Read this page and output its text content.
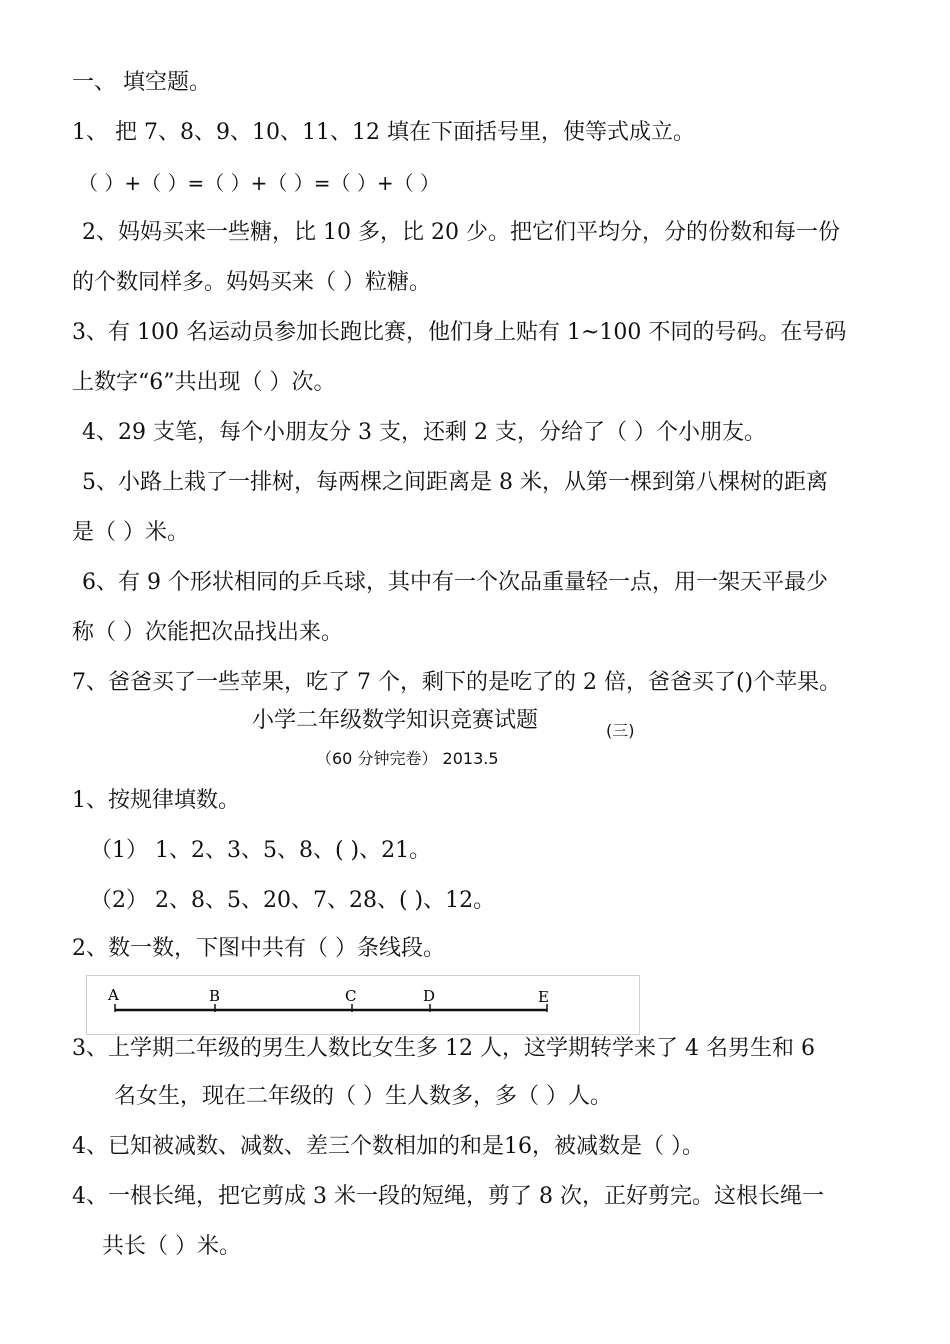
一、 填空题。
1、 把 7、8、9、10、11、12 填在下面括号里，使等式成立。
（ ）+（ ）=（ ）+（ ）=（ ）+（ ）
2、妈妈买来一些糖，比 10 多，比 20 少。把它们平均分，分的份数和每一份
的个数同样多。妈妈买来（ ）粒糖。
3、有 100 名运动员参加长跑比赛，他们身上贴有 1~100 不同的号码。在号码
上数字“6”共出现（ ）次。
4、29 支笔，每个小朋友分 3 支，还剩 2 支，分给了（ ）个小朋友。
5、小路上栽了一排树，每两棵之间距离是 8 米，从第一棵到第八棵树的距离
是（ ）米。
6、有 9 个形状相同的乒乓球，其中有一个次品重量轻一点，用一架天平最少
称（ ）次能把次品找出来。
7、爸爸买了一些苹果，吃了 7 个，剩下的是吃了的 2 倍，爸爸买了()个苹果。
小学二年级数学知识竞赛试题	(三)
（60 分钟完卷） 2013.5
1、按规律填数。
（1） 1、2、3、5、8、( )、21。
（2） 2、8、5、20、7、28、( )、12。
2、数一数，下图中共有（ ）条线段。
A	B	C	D	E
3、上学期二年级的男生人数比女生多 12 人，这学期转学来了 4 名男生和 6
名女生，现在二年级的（ ）生人数多，多（ ）人。
4、已知被减数、减数、差三个数相加的和是16，被减数是（ ）。
4、一根长绳，把它剪成 3 米一段的短绳，剪了 8 次，正好剪完。这根长绳一
共长（ ）米。
